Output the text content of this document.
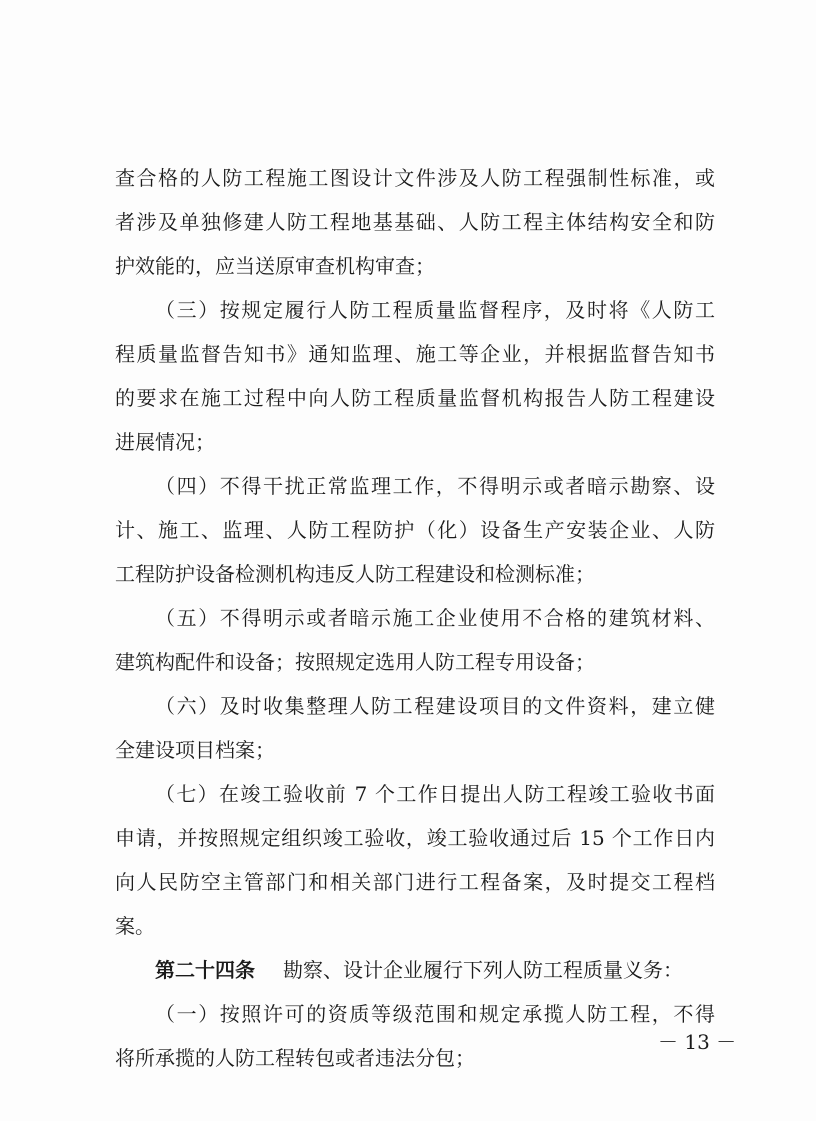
查合格的人防工程施工图设计文件涉及人防工程强制性标准，或
者涉及单独修建人防工程地基基础、人防工程主体结构安全和防
护效能的，应当送原审查机构审查；
（三）按规定履行人防工程质量监督程序，及时将《人防工
程质量监督告知书》通知监理、施工等企业，并根据监督告知书
的要求在施工过程中向人防工程质量监督机构报告人防工程建设
进展情况；
（四）不得干扰正常监理工作，不得明示或者暗示勘察、设
计、施工、监理、人防工程防护（化）设备生产安装企业、人防
工程防护设备检测机构违反人防工程建设和检测标准；
（五）不得明示或者暗示施工企业使用不合格的建筑材料、
建筑构配件和设备；按照规定选用人防工程专用设备；
（六）及时收集整理人防工程建设项目的文件资料，建立健
全建设项目档案；
（七）在竣工验收前 7 个工作日提出人防工程竣工验收书面
申请，并按照规定组织竣工验收，竣工验收通过后 15 个工作日内
向人民防空主管部门和相关部门进行工程备案，及时提交工程档
案。
第二十四条	勘察、设计企业履行下列人防工程质量义务：
（一）按照许可的资质等级范围和规定承揽人防工程，不得
将所承揽的人防工程转包或者违法分包；
－ 13 －
